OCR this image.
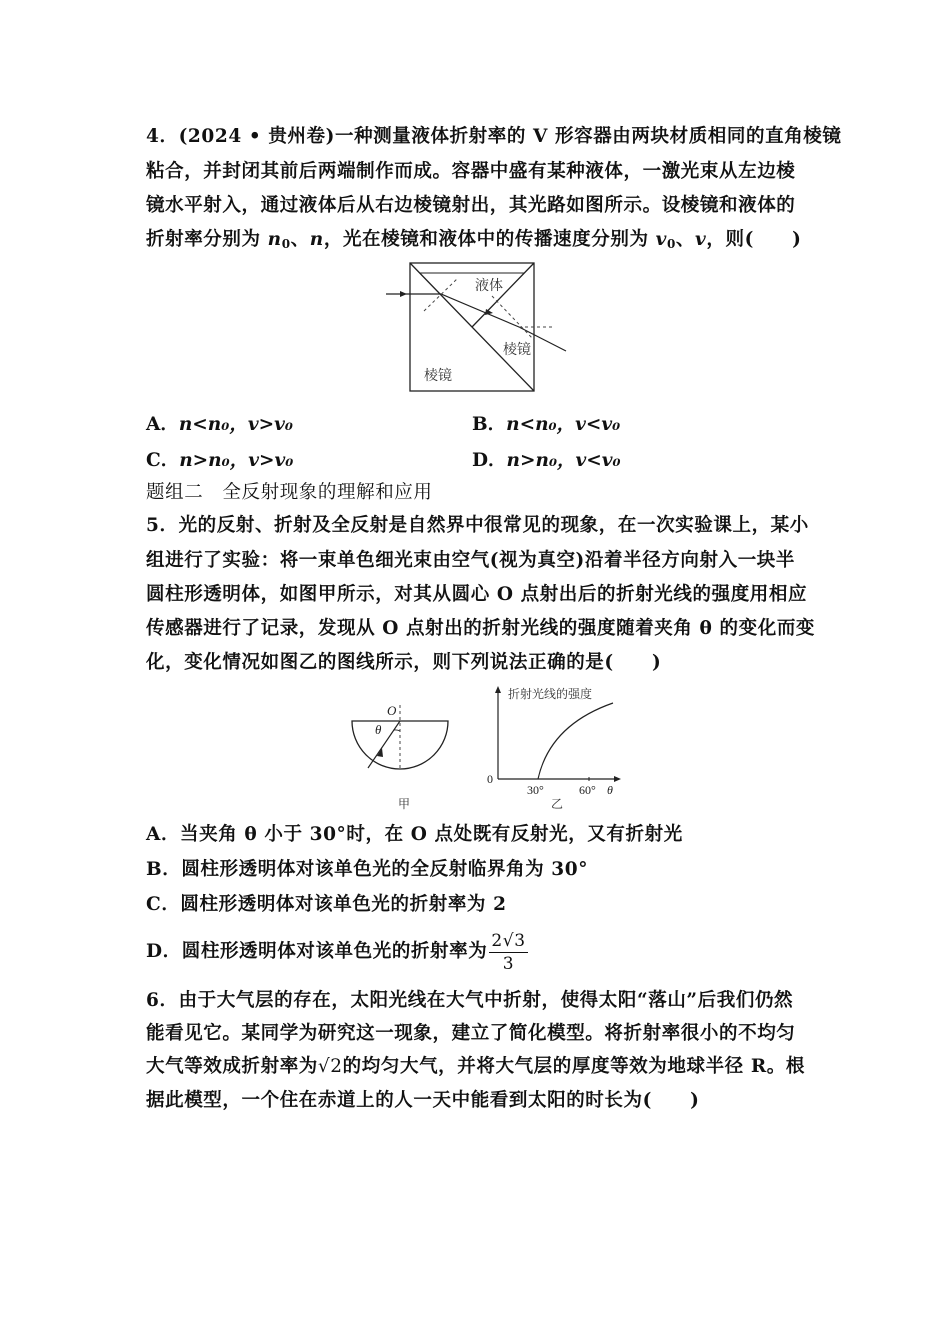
4．(2024 • 贵州卷)一种测量液体折射率的 V 形容器由两块材质相同的直角棱镜
粘合，并封闭其前后两端制作而成。容器中盛有某种液体，一激光束从左边棱
镜水平射入，通过液体后从右边棱镜射出，其光路如图所示。设棱镜和液体的
折射率分别为 $n_0$、n，光在棱镜和液体中的传播速度分别为 $v_0$、v，则(　　)
液体
棱镜
棱镜
A．n<n₀，v>v₀	B．n<n₀，v<v₀
C．n>n₀，v>v₀	D．n>n₀，v<v₀
题组二　全反射现象的理解和应用
5．光的反射、折射及全反射是自然界中很常见的现象，在一次实验课上，某小
组进行了实验：将一束单色细光束由空气(视为真空)沿着半径方向射入一块半
圆柱形透明体，如图甲所示，对其从圆心 O 点射出后的折射光线的强度用相应
传感器进行了记录，发现从 O 点射出的折射光线的强度随着夹角 θ 的变化而变
化，变化情况如图乙的图线所示，则下列说法正确的是(　　)
O
θ
甲
折射光线的强度
0
30°	60° θ
乙
A．当夹角 θ 小于 30°时，在 O 点处既有反射光，又有折射光
B．圆柱形透明体对该单色光的全反射临界角为 30°
C．圆柱形透明体对该单色光的折射率为 2
D．圆柱形透明体对该单色光的折射率为 $\frac{2√3}{3}$
6．由于大气层的存在，太阳光线在大气中折射，使得太阳“落山”后我们仍然
能看见它。某同学为研究这一现象，建立了简化模型。将折射率很小的不均匀
大气等效成折射率为√2的均匀大气，并将大气层的厚度等效为地球半径 R。根
据此模型，一个住在赤道上的人一天中能看到太阳的时长为(　　)
